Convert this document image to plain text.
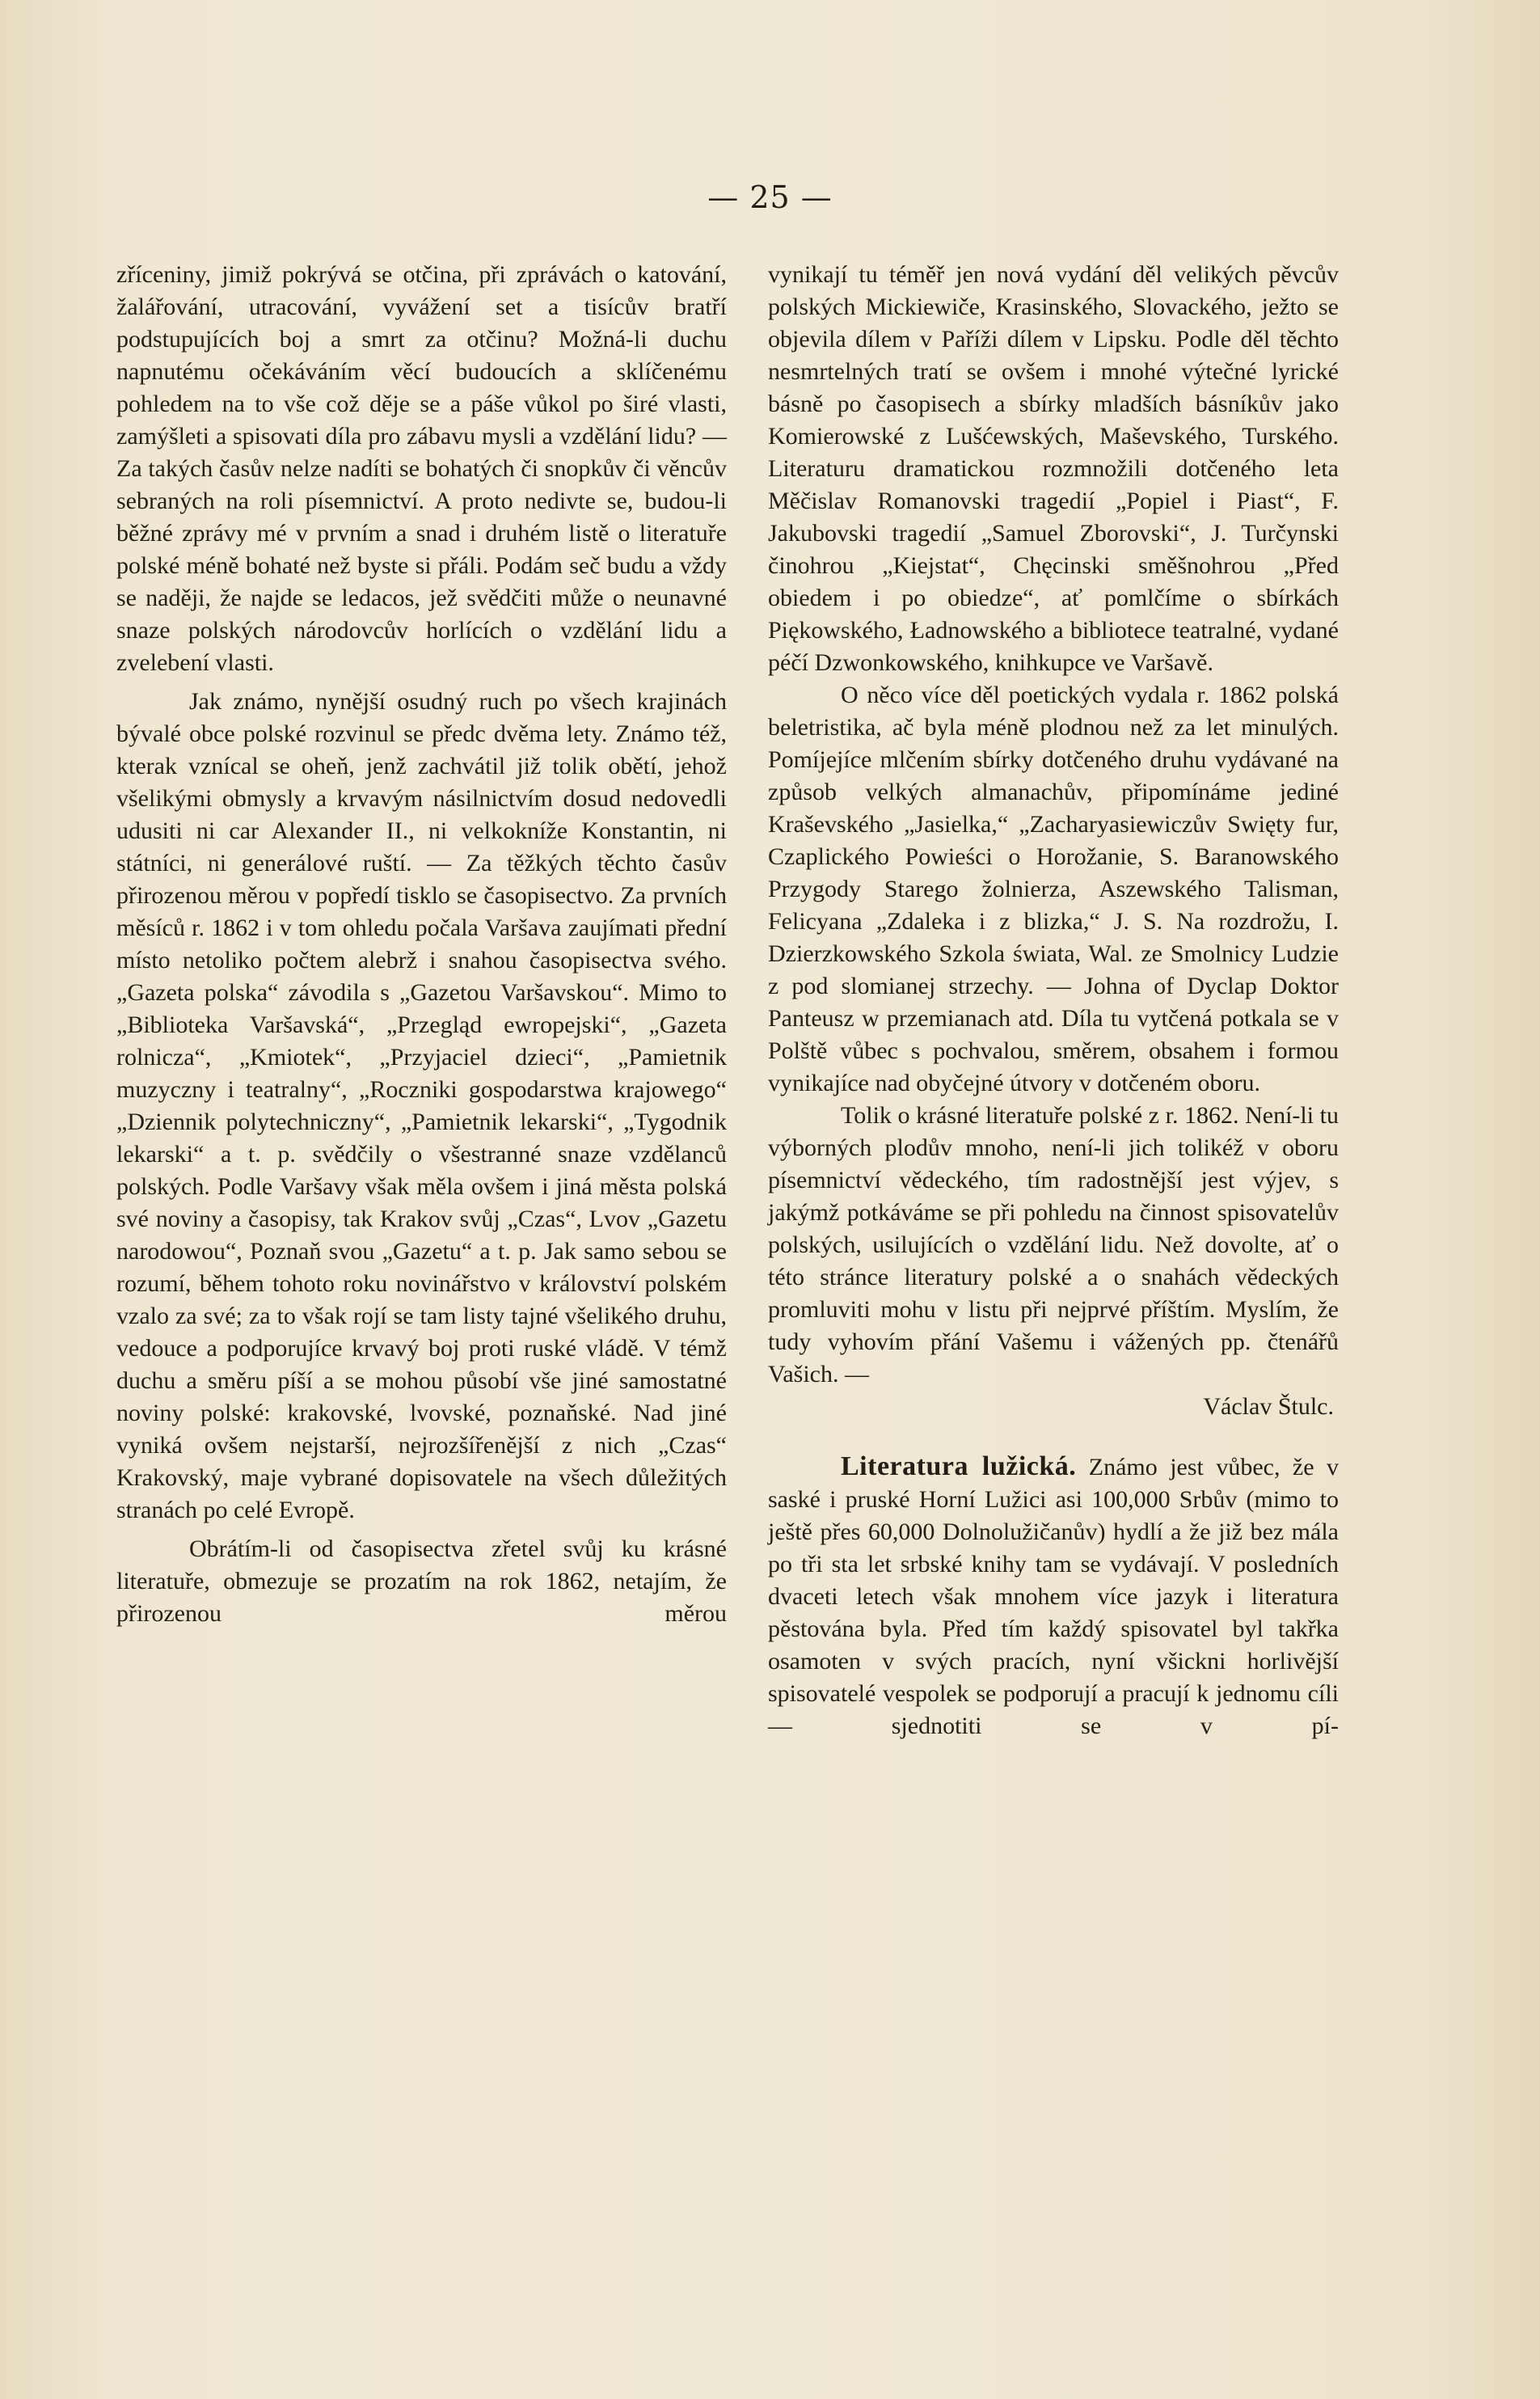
— 25 —

zříceniny, jimiž pokrývá se otčina, při zprávách o katování, žalářování, utracování, vyvážení set a tisícův bratří podstupujících boj a smrt za otčinu? Možná-li duchu napnutému očekáváním věcí budoucích a sklíčenému pohledem na to vše což děje se a páše vůkol po širé vlasti, zamýšleti a spisovati díla pro zábavu mysli a vzdělání lidu? — Za takých časův nelze nadíti se bohatých či snopkův či věncův sebraných na roli písemnictví. A proto nedivte se, budou-li běžné zprávy mé v prvním a snad i druhém listě o literatuře polské méně bohaté než byste si přáli. Podám seč budu a vždy se naději, že najde se ledacos, jež svědčiti může o neunavné snaze polských národovcův horlících o vzdělání lidu a zvelebení vlasti.

Jak známo, nynější osudný ruch po všech krajinách bývalé obce polské rozvinul se předc dvěma lety. Známo též, kterak vznícal se oheň, jenž zachvátil již tolik obětí, jehož všelikými obmysly a krvavým násilnictvím dosud nedovedli udusiti ni car Alexander II., ni velkokníže Konstantin, ni státníci, ni generálové ruští. — Za těžkých těchto časův přirozenou měrou v popředí tisklo se časopisectvo. Za prvních měsíců r. 1862 i v tom ohledu počala Varšava zaujímati přední místo netoliko počtem alebrž i snahou časopisectva svého. „Gazeta polska“ závodila s „Gazetou Varšavskou“. Mimo to „Biblioteka Varšavská“, „Przegląd ewropejski“, „Gazeta rolnicza“, „Kmiotek“, „Przyjaciel dzieci“, „Pamietnik muzyczny i teatralny“, „Roczniki gospodarstwa krajowego“ „Dziennik polytechniczny“, „Pamietnik lekarski“, „Tygodnik lekarski“ a t. p. svědčily o všestranné snaze vzdělanců polských. Podle Varšavy však měla ovšem i jiná města polská své noviny a časopisy, tak Krakov svůj „Czas“, Lvov „Gazetu narodowou“, Poznaň svou „Gazetu“ a t. p. Jak samo sebou se rozumí, během tohoto roku novinářstvo v království polském vzalo za své; za to však rojí se tam listy tajné všelikého druhu, vedouce a podporujíce krvavý boj proti ruské vládě. V témž duchu a směru píší a se mohou působí vše jiné samostatné noviny polské: krakovské, lvovské, poznaňské. Nad jiné vyniká ovšem nejstarší, nejrozšířenější z nich „Czas“ Krakovský, maje vybrané dopisovatele na všech důležitých stranách po celé Evropě.

Obrátím-li od časopisectva zřetel svůj ku krásné literatuře, obmezuje se prozatím na rok 1862, netajím, že přirozenou měrou

vynikají tu téměř jen nová vydání děl velikých pěvcův polských Mickiewiče, Krasinského, Slovackého, ježto se objevila dílem v Paříži dílem v Lipsku. Podle děl těchto nesmrtelných tratí se ovšem i mnohé výtečné lyrické básně po časopisech a sbírky mladších básníkův jako Komierowské z Lušćewských, Maševského, Turského. Literaturu dramatickou rozmnožili dotčeného leta Měčislav Romanovski tragedií „Popiel i Piast“, F. Jakubovski tragedií „Samuel Zborovski“, J. Turčynski činohrou „Kiejstat“, Chęcinski směšnohrou „Před obiedem i po obiedze“, ať pomlčíme o sbírkách Piękowského, Ładnowského a bibliotece teatralné, vydané péčí Dzwonkowského, knihkupce ve Varšavě.

O něco více děl poetických vydala r. 1862 polská beletristika, ač byla méně plodnou než za let minulých. Pomíjejíce mlčením sbírky dotčeného druhu vydávané na způsob velkých almanachův, připomínáme jediné Kraševského „Jasielka,“ „Zacharyasiewiczův Swięty fur, Czaplického Powieści o Horožanie, S. Baranowského Przygody Starego žolnierza, Aszewského Talisman, Felicyana „Zdaleka i z blizka,“ J. S. Na rozdrožu, I. Dzierzkowského Szkola świata, Wal. ze Smolnicy Ludzie z pod slomianej strzechy. — Johna of Dyclap Doktor Panteusz w przemianach atd. Díla tu vytčená potkala se v Polště vůbec s pochvalou, směrem, obsahem i formou vynikajíce nad obyčejné útvory v dotčeném oboru.

Tolik o krásné literatuře polské z r. 1862. Není-li tu výborných plodův mnoho, není-li jich tolikéž v oboru písemnictví vědeckého, tím radostnější jest výjev, s jakýmž potkáváme se při pohledu na činnost spisovatelův polských, usilujících o vzdělání lidu. Než dovolte, ať o této stránce literatury polské a o snahách vědeckých promluviti mohu v listu při nejprvé příštím. Myslím, že tudy vyhovím přání Vašemu i vážených pp. čtenářů Vašich. —

Václav Štulc.

Literatura lužická. Známo jest vůbec, že v saské i pruské Horní Lužici asi 100,000 Srbův (mimo to ještě přes 60,000 Dolnolužičanův) hydlí a že již bez mála po tři sta let srbské knihy tam se vydávají. V posledních dvaceti letech však mnohem více jazyk i literatura pěstována byla. Před tím každý spisovatel byl takřka osamoten v svých pracích, nyní všickni horlivější spisovatelé vespolek se podporují a pracují k jednomu cíli — sjednotiti se v pí-
